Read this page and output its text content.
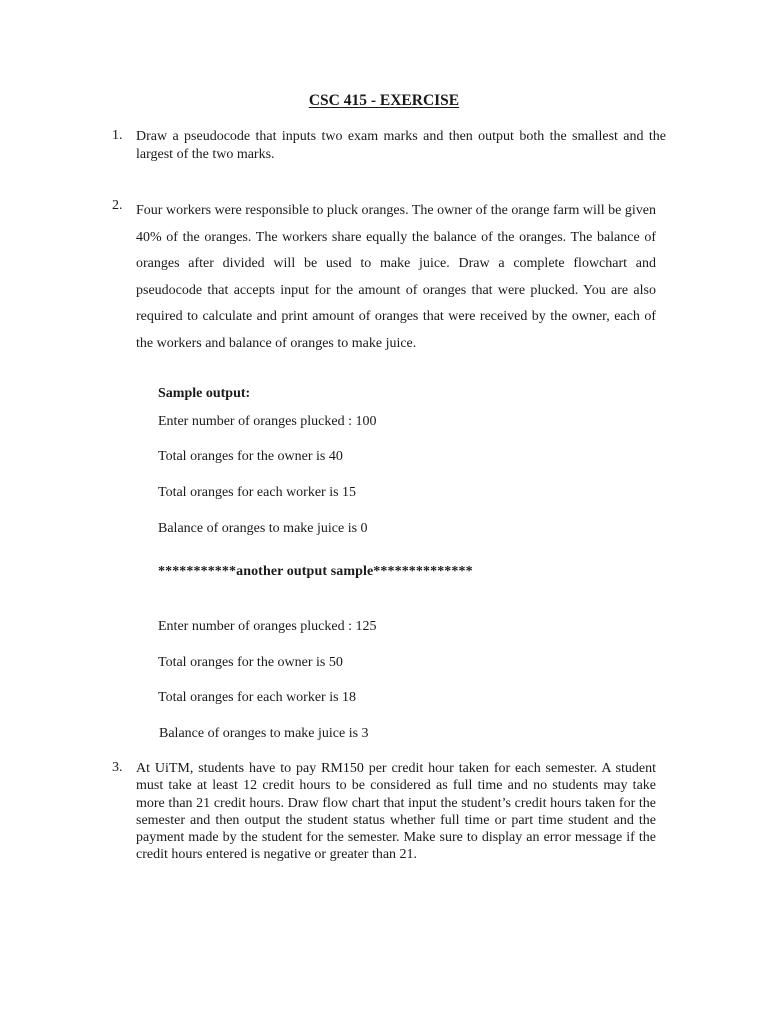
CSC 415 - EXERCISE
1. Draw a pseudocode that inputs two exam marks and then output both the smallest and the largest of the two marks.
2. Four workers were responsible to pluck oranges. The owner of the orange farm will be given 40% of the oranges. The workers share equally the balance of the oranges. The balance of oranges after divided will be used to make juice. Draw a complete flowchart and pseudocode that accepts input for the amount of oranges that were plucked. You are also required to calculate and print amount of oranges that were received by the owner, each of the workers and balance of oranges to make juice.
Sample output:
Enter number of oranges plucked : 100
Total oranges for the owner is 40
Total oranges for each worker is 15
Balance of oranges to make juice is 0
***********another output sample**************
Enter number of oranges plucked : 125
Total oranges for the owner is 50
Total oranges for each worker is 18
Balance of oranges to make juice is 3
3. At UiTM, students have to pay RM150 per credit hour taken for each semester. A student must take at least 12 credit hours to be considered as full time and no students may take more than 21 credit hours. Draw flow chart that input the student’s credit hours taken for the semester and then output the student status whether full time or part time student and the payment made by the student for the semester. Make sure to display an error message if the credit hours entered is negative or greater than 21.
